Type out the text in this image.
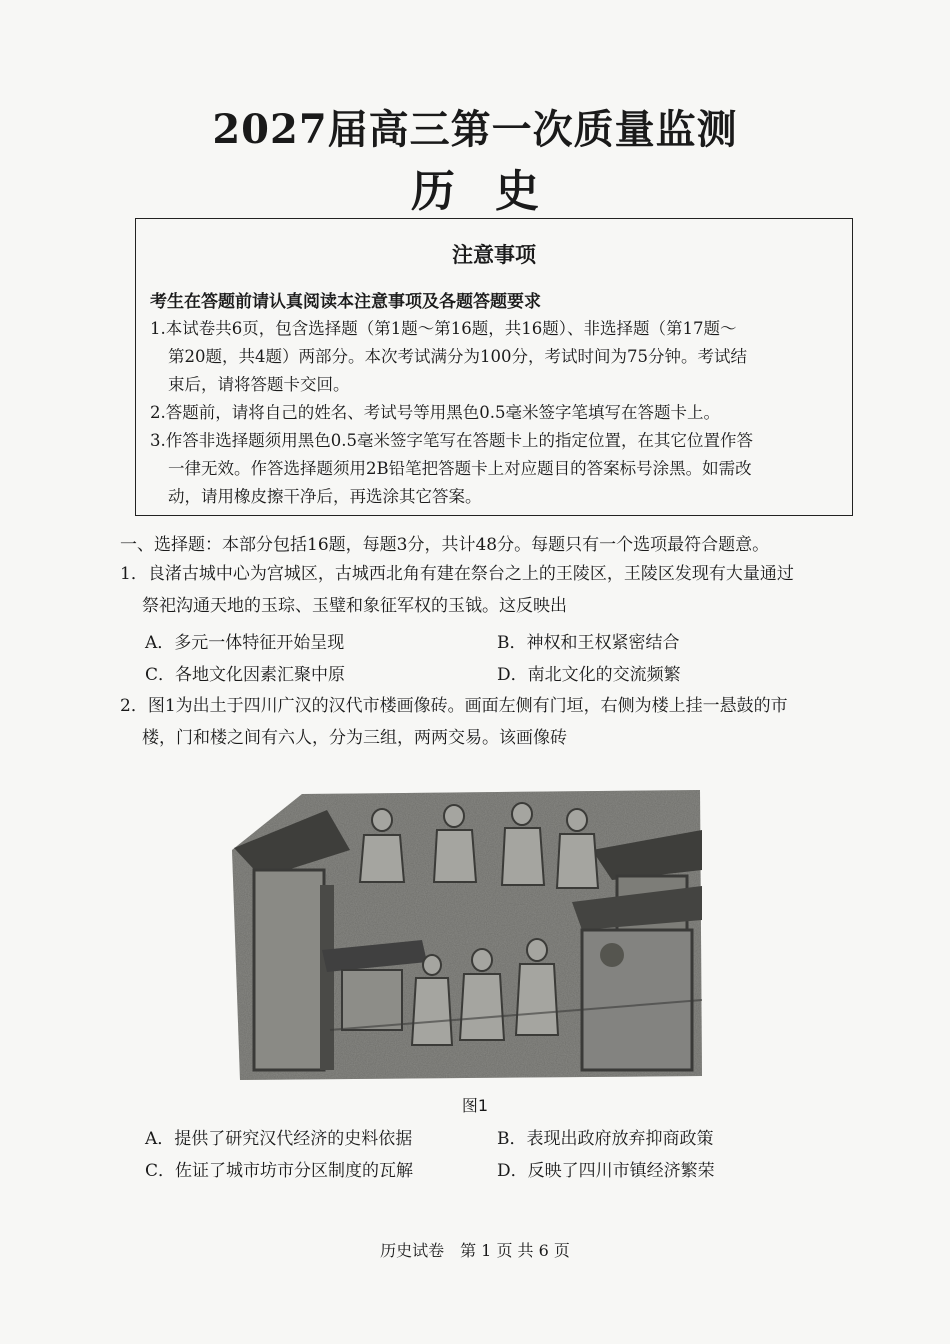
2027届高三第一次质量监测
历史
注意事项
考生在答题前请认真阅读本注意事项及各题答题要求
1.本试卷共6页，包含选择题（第1题～第16题，共16题）、非选择题（第17题～
第20题，共4题）两部分。本次考试满分为100分，考试时间为75分钟。考试结
束后，请将答题卡交回。
2.答题前，请将自己的姓名、考试号等用黑色0.5毫米签字笔填写在答题卡上。
3.作答非选择题须用黑色0.5毫米签字笔写在答题卡上的指定位置，在其它位置作答
一律无效。作答选择题须用2B铅笔把答题卡上对应题目的答案标号涂黑。如需改
动，请用橡皮擦干净后，再选涂其它答案。
一、选择题：本部分包括16题，每题3分，共计48分。每题只有一个选项最符合题意。
1．良渚古城中心为宫城区，古城西北角有建在祭台之上的王陵区，王陵区发现有大量通过
祭祀沟通天地的玉琮、玉璧和象征军权的玉钺。这反映出
A．多元一体特征开始呈现	B．神权和王权紧密结合
C．各地文化因素汇聚中原	D．南北文化的交流频繁
2．图1为出土于四川广汉的汉代市楼画像砖。画面左侧有门垣，右侧为楼上挂一悬鼓的市
楼，门和楼之间有六人，分为三组，两两交易。该画像砖
图1
A．提供了研究汉代经济的史料依据	B．表现出政府放弃抑商政策
C．佐证了城市坊市分区制度的瓦解	D．反映了四川市镇经济繁荣
历史试卷　第 1 页 共 6 页
